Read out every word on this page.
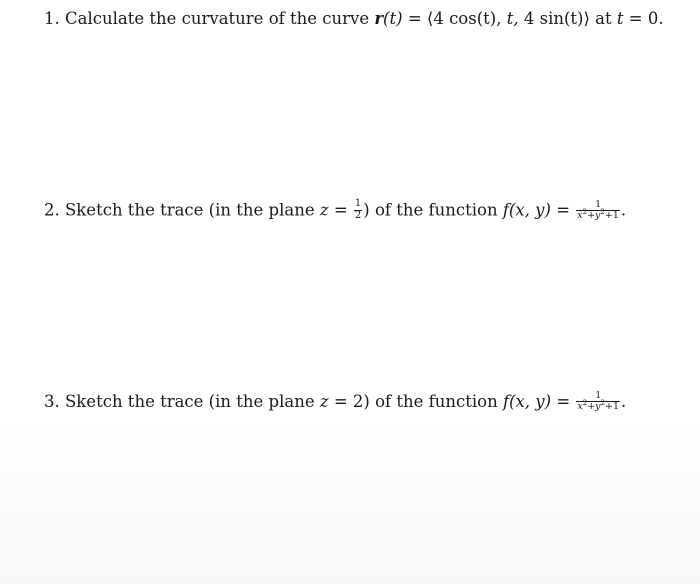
1. Calculate the curvature of the curve r(t) = ⟨4 cos(t), t, 4 sin(t)⟩ at t = 0.
2. Sketch the trace (in the plane $z = \frac{1}{2}$ ) of the function f(x, $y) = \frac{1}{x^2+y^2+1}$ .
3. Sketch the trace (in the plane z = 2) of the function f(x, $y) = \frac{1}{x^2+y^2+1}$ .
